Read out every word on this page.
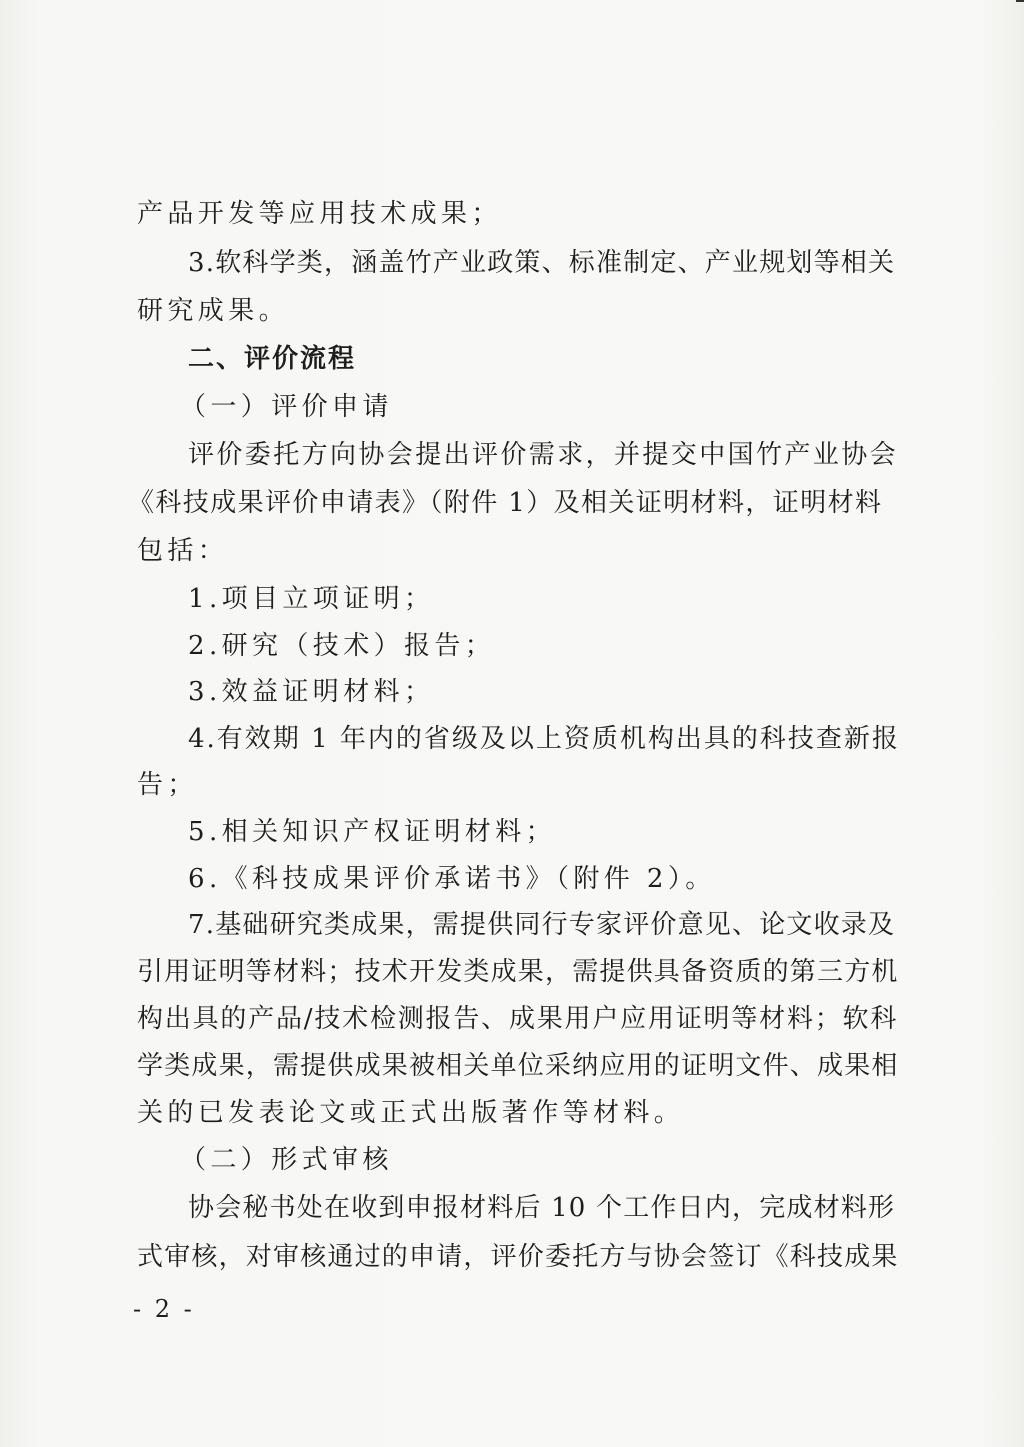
产品开发等应用技术成果；
3.软科学类，涵盖竹产业政策、标准制定、产业规划等相关
研究成果。
二、评价流程
（一）评价申请
评价委托方向协会提出评价需求，并提交中国竹产业协会
《科技成果评价申请表》（附件 1）及相关证明材料，证明材料
包括：
1.项目立项证明；
2.研究（技术）报告；
3.效益证明材料；
4.有效期 1 年内的省级及以上资质机构出具的科技查新报
告；
5.相关知识产权证明材料；
6.《科技成果评价承诺书》（附件 2）。
7.基础研究类成果，需提供同行专家评价意见、论文收录及
引用证明等材料；技术开发类成果，需提供具备资质的第三方机
构出具的产品/技术检测报告、成果用户应用证明等材料；软科
学类成果，需提供成果被相关单位采纳应用的证明文件、成果相
关的已发表论文或正式出版著作等材料。
（二）形式审核
协会秘书处在收到申报材料后 10 个工作日内，完成材料形
式审核，对审核通过的申请，评价委托方与协会签订《科技成果
- 2 -
